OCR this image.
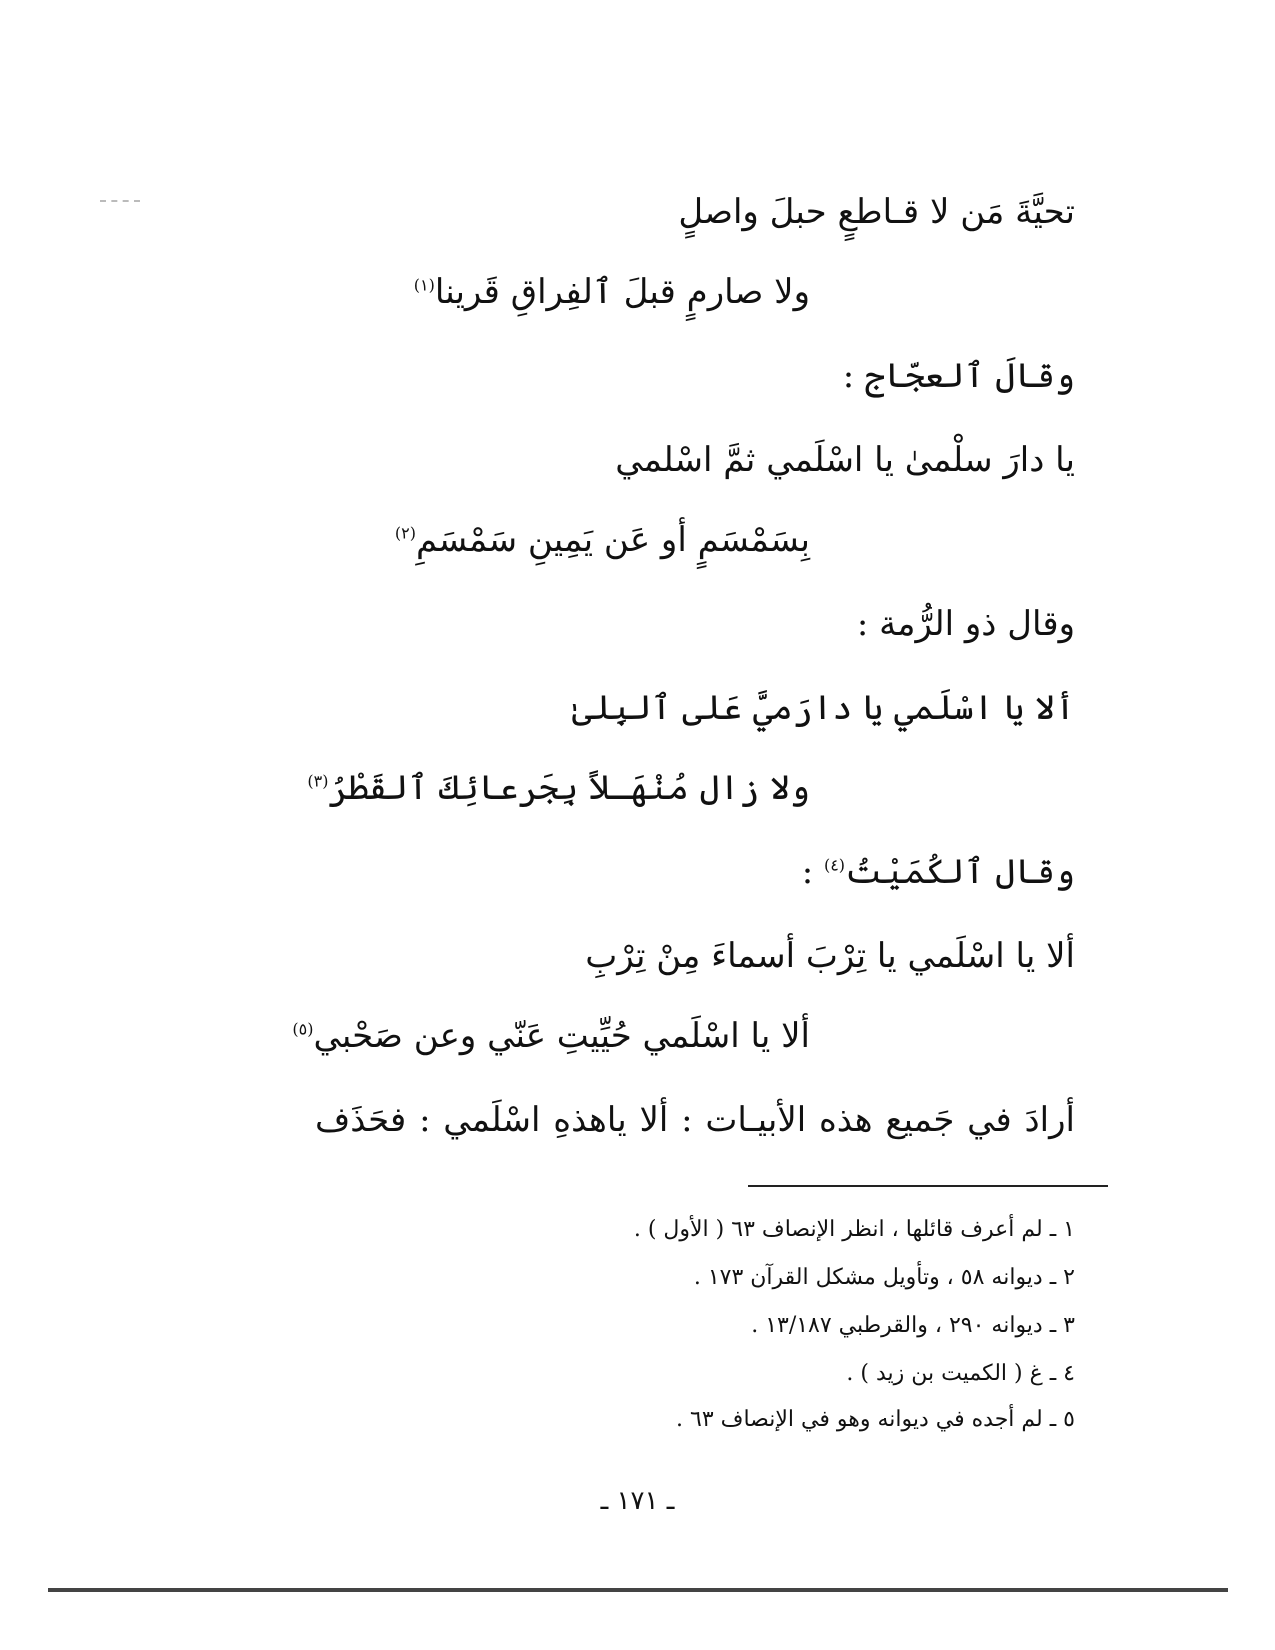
تحيَّةَ مَن لا قـاطعٍ حبلَ واصلٍ
ولا صارمٍ قبلَ ٱلفِراقِ قَرينا$^{(١)}$
وقالَ ٱلعجّاج :
يا دارَ سلْمىٰ يا اسْلَمي ثمَّ اسْلمي
بِسَمْسَمٍ أو عَن يَمِينِ سَمْسَمِ$^{(٢)}$
وقال ذو الرُّمة :
ألا يا اسْلَمي يا دارَميَّ عَلى ٱلبِلىٰ
ولا زال مُنْهَـلاً بِجَرعائِكَ ٱلقَطْرُ$^{(٣)}$
وقال ٱلكُمَيْتُ$^{(٤)}$ :
ألا يا اسْلَمي يا تِرْبَ أسماءَ مِنْ تِرْبِ
ألا يا اسْلَمي حُيِّيتِ عَنّي وعن صَحْبي$^{(٥)}$
أرادَ في جَميع هذه الأبيـات : ألا ياهذهِ اسْلَمي : فحَذَف
١ ـ لم أعرف قائلها ، انظر الإنصاف ٦٣ ( الأول ) .
٢ ـ ديوانه ٥٨ ، وتأويل مشكل القرآن ١٧٣ .
٣ ـ ديوانه ٢٩٠ ، والقرطبي ١٣/١٨٧ .
٤ ـ غ ( الكميت بن زيد ) .
٥ ـ لم أجده في ديوانه وهو في الإنصاف ٦٣ .
ـ ١٧١ ـ
